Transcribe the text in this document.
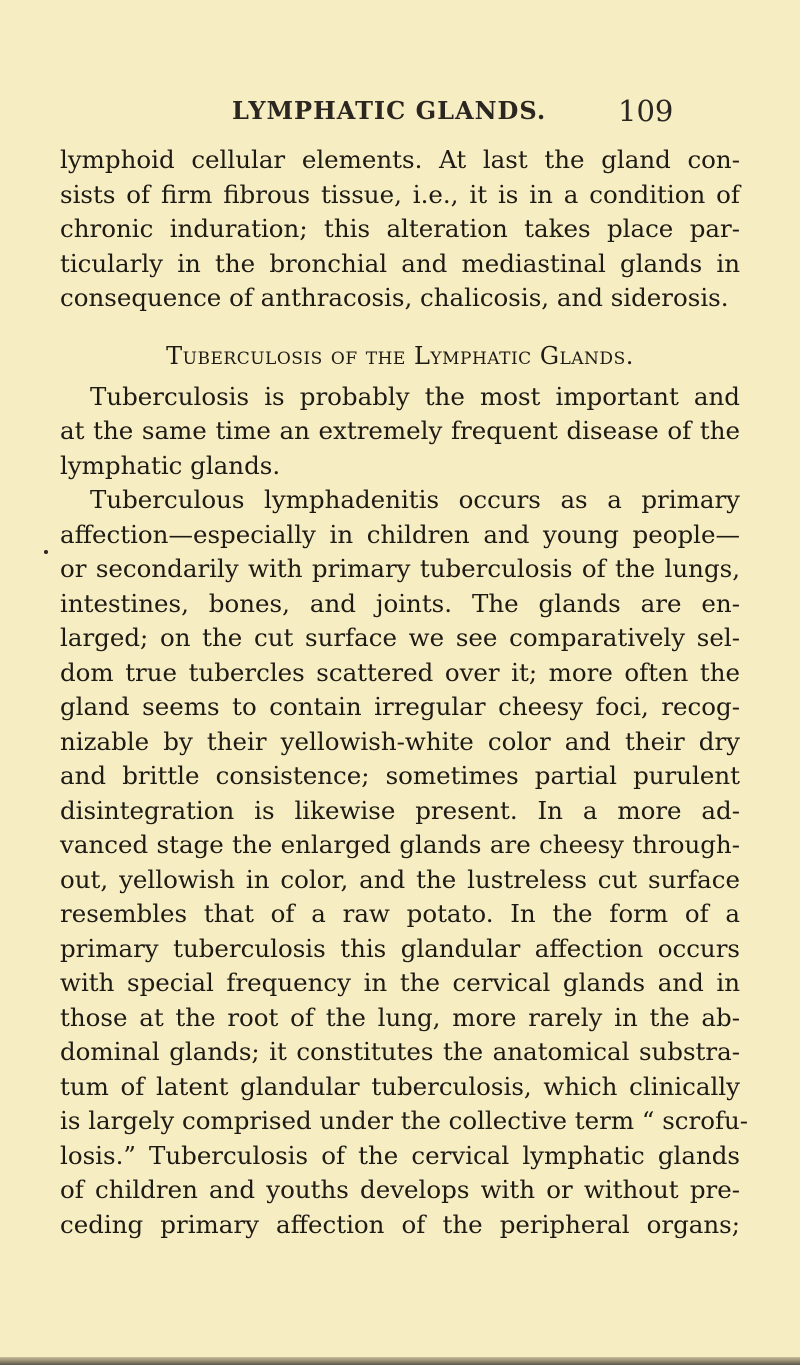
LYMPHATIC GLANDS. 109
lymphoid cellular elements. At last the gland con-
sists of firm fibrous tissue, i.e., it is in a condition of
chronic induration; this alteration takes place par-
ticularly in the bronchial and mediastinal glands in
consequence of anthracosis, chalicosis, and siderosis.
Tuberculosis of the Lymphatic Glands.
Tuberculosis is probably the most important and
at the same time an extremely frequent disease of the
lymphatic glands.
Tuberculous lymphadenitis occurs as a primary
affection—especially in children and young people—
or secondarily with primary tuberculosis of the lungs,
intestines, bones, and joints. The glands are en-
larged; on the cut surface we see comparatively sel-
dom true tubercles scattered over it; more often the
gland seems to contain irregular cheesy foci, recog-
nizable by their yellowish-white color and their dry
and brittle consistence; sometimes partial purulent
disintegration is likewise present. In a more ad-
vanced stage the enlarged glands are cheesy through-
out, yellowish in color, and the lustreless cut surface
resembles that of a raw potato. In the form of a
primary tuberculosis this glandular affection occurs
with special frequency in the cervical glands and in
those at the root of the lung, more rarely in the ab-
dominal glands; it constitutes the anatomical substra-
tum of latent glandular tuberculosis, which clinically
is largely comprised under the collective term “ scrofu-
losis.” Tuberculosis of the cervical lymphatic glands
of children and youths develops with or without pre-
ceding primary affection of the peripheral organs;
